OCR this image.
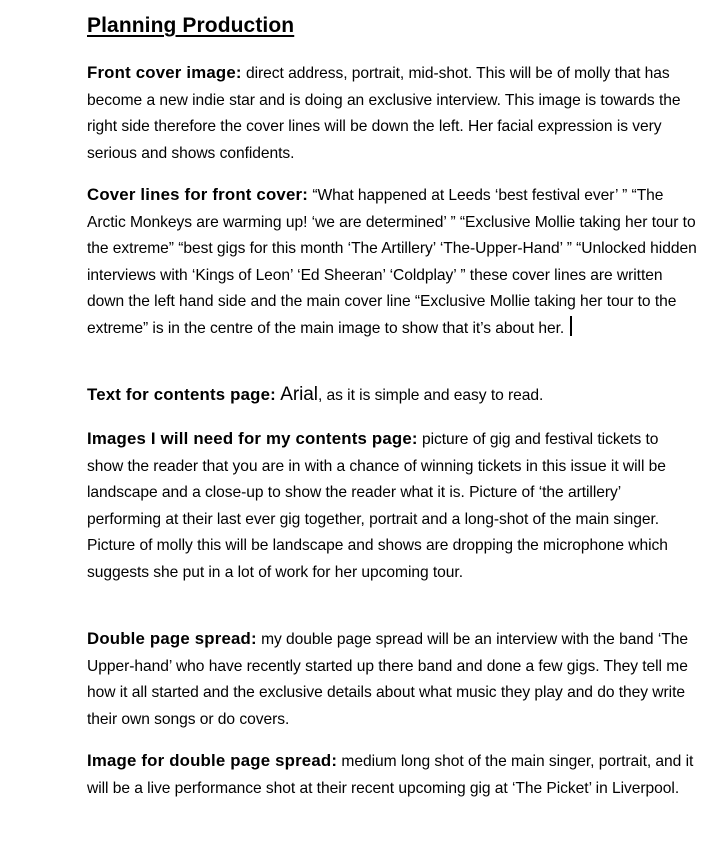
Planning Production

Front cover image: direct address, portrait, mid-shot. This will be of molly that has become a new indie star and is doing an exclusive interview. This image is towards the right side therefore the cover lines will be down the left. Her facial expression is very serious and shows confidents.

Cover lines for front cover: “What happened at Leeds ‘best festival ever’ ” “The Arctic Monkeys are warming up! ‘we are determined’ ” “Exclusive Mollie taking her tour to the extreme” “best gigs for this month ‘The Artillery’ ‘The-Upper-Hand’ ” “Unlocked hidden interviews with ‘Kings of Leon’ ‘Ed Sheeran’ ‘Coldplay’ ” these cover lines are written down the left hand side and the main cover line “Exclusive Mollie taking her tour to the extreme” is in the centre of the main image to show that it’s about her.

Text for contents page: Arial, as it is simple and easy to read.

Images I will need for my contents page: picture of gig and festival tickets to show the reader that you are in with a chance of winning tickets in this issue it will be landscape and a close-up to show the reader what it is. Picture of ‘the artillery’ performing at their last ever gig together, portrait and a long-shot of the main singer. Picture of molly this will be landscape and shows are dropping the microphone which suggests she put in a lot of work for her upcoming tour.

Double page spread: my double page spread will be an interview with the band ‘The Upper-hand’ who have recently started up there band and done a few gigs. They tell me how it all started and the exclusive details about what music they play and do they write their own songs or do covers.

Image for double page spread: medium long shot of the main singer, portrait, and it will be a live performance shot at their recent upcoming gig at ‘The Picket’ in Liverpool.
